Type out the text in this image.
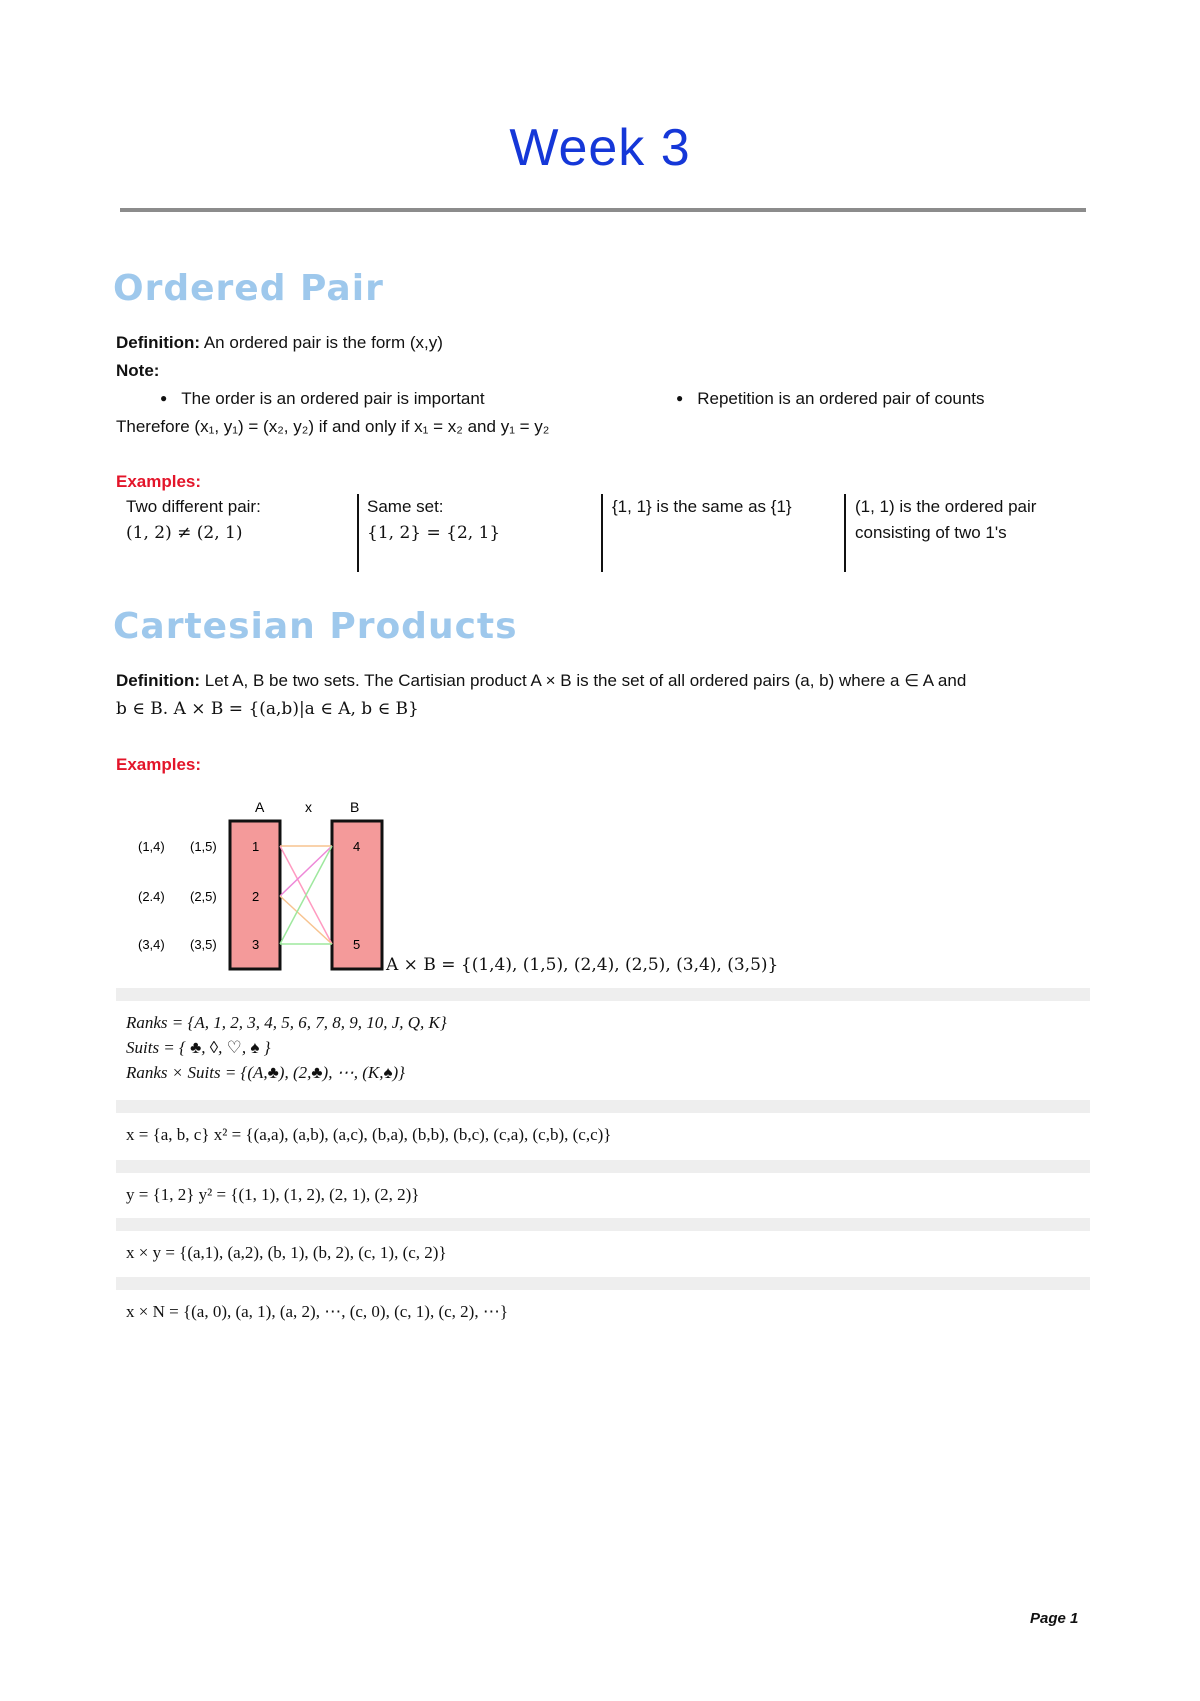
Week 3
Ordered Pair
Definition: An ordered pair is the form (x,y)
Note:
● The order is an ordered pair is important
●	Repetition is an ordered pair of counts
Therefore (x₁, y₁) = (x₂, y₂) if and only if x₁ = x₂ and y₁ = y₂
Examples:
Two different pair:
(1, 2) ≠ (2, 1)
Same set:
{1, 2} = {2, 1}
{1, 1} is the same as {1}	(1, 1) is the ordered pair
consisting of two 1's
Cartesian Products
Definition: Let A, B be two sets. The Cartisian product A × B is the set of all ordered pairs (a, b) where a ∈ A and
b ∈ B. A × B = {(a,b)|a ∈ A, b ∈ B}
Examples:
A	x	B
1
2
3
4
5
(1,4) (1,5)
(2.4) (2,5)
(3,4) (3,5)
A × B = {(1,4), (1,5), (2,4), (2,5), (3,4), (3,5)}
Ranks = {A, 1, 2, 3, 4, 5, 6, 7, 8, 9, 10, J, Q, K}
Suits = { ♣, ◊, ♡, ♠ }
Ranks × Suits = {(A,♣), (2,♣), ⋯, (K,♠)}
x = {a, b, c} x² = {(a,a), (a,b), (a,c), (b,a), (b,b), (b,c), (c,a), (c,b), (c,c)}
y = {1, 2} y² = {(1, 1), (1, 2), (2, 1), (2, 2)}
x × y = {(a,1), (a,2), (b, 1), (b, 2), (c, 1), (c, 2)}
x × N = {(a, 0), (a, 1), (a, 2), ⋯, (c, 0), (c, 1), (c, 2), ⋯}
Page 1
